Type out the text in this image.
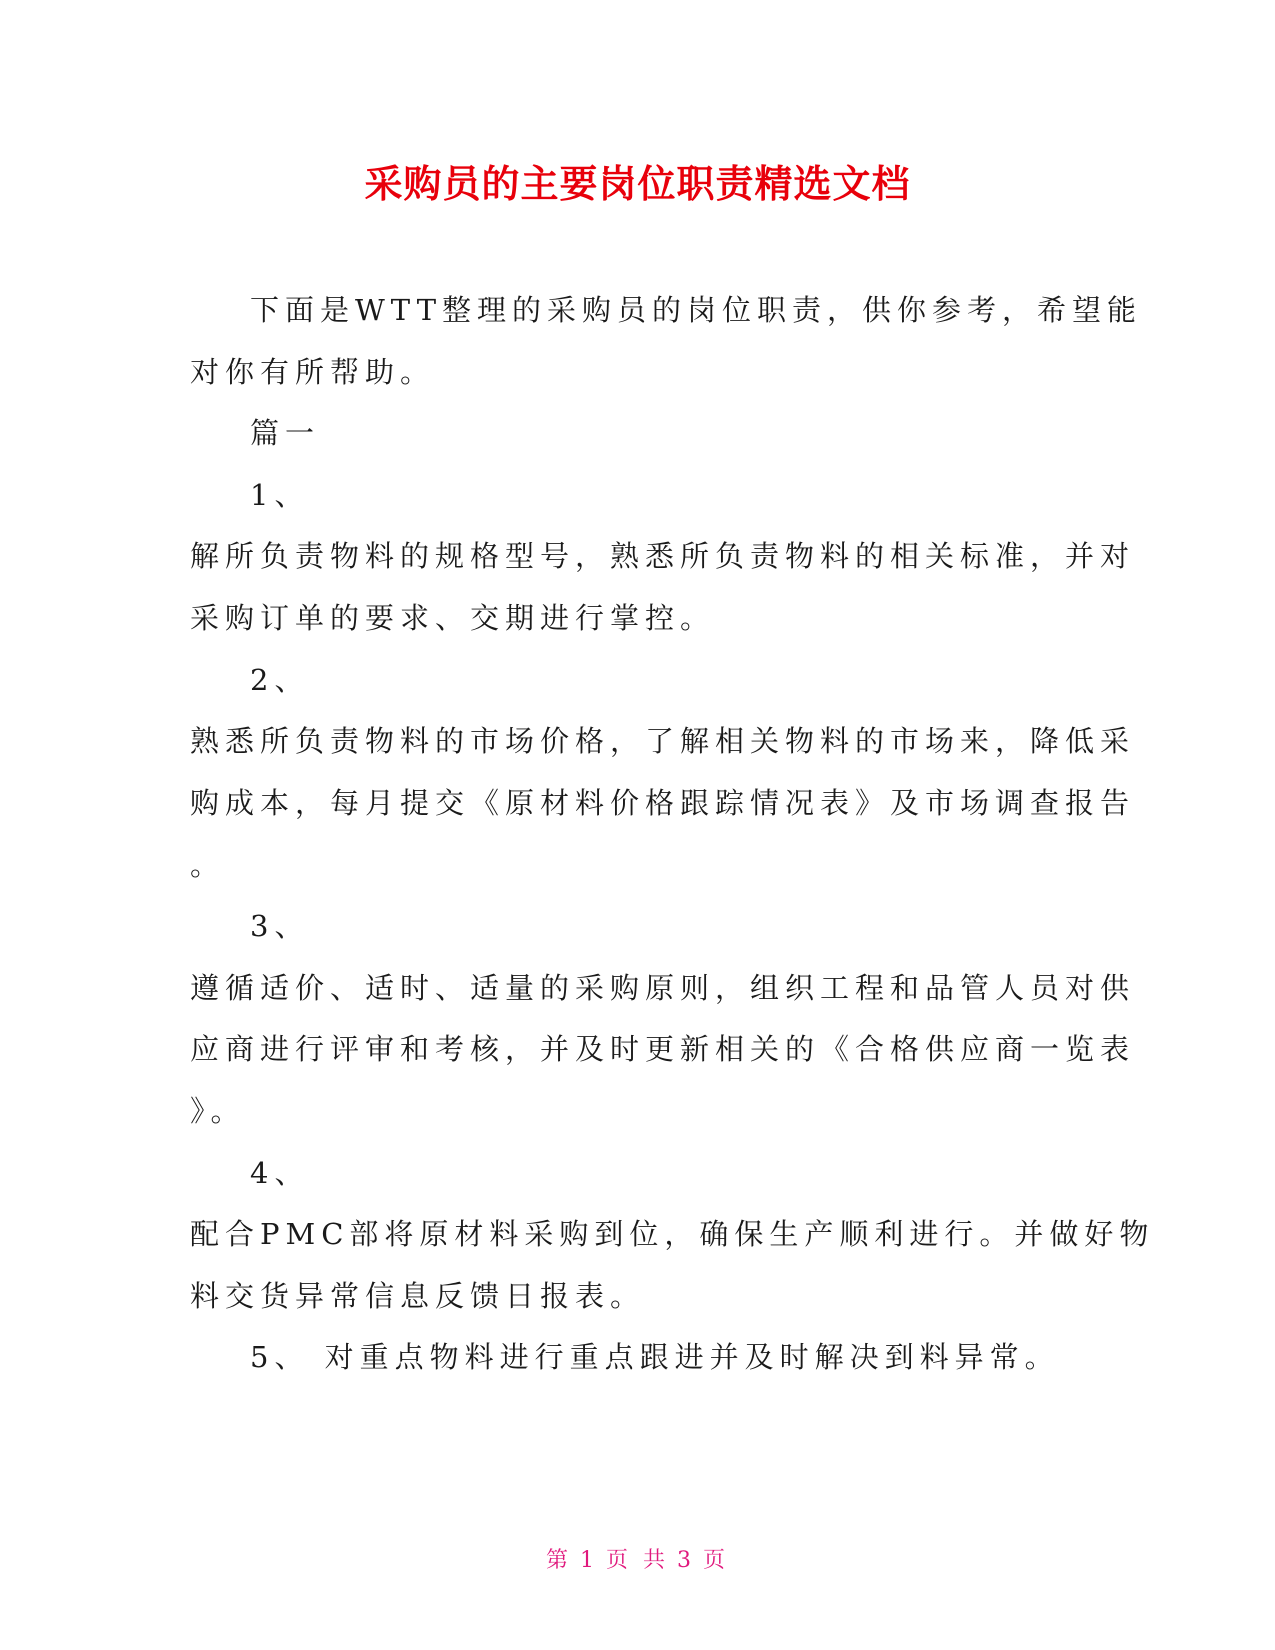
采购员的主要岗位职责精选文档
下面是WTT整理的采购员的岗位职责，供你参考，希望能
对你有所帮助。
篇一
1、
解所负责物料的规格型号，熟悉所负责物料的相关标准，并对
采购订单的要求、交期进行掌控。
2、
熟悉所负责物料的市场价格，了解相关物料的市场来，降低采
购成本，每月提交《原材料价格跟踪情况表》及市场调查报告
。
3、
遵循适价、适时、适量的采购原则，组织工程和品管人员对供
应商进行评审和考核，并及时更新相关的《合格供应商一览表
》。
4、
配合PMC部将原材料采购到位，确保生产顺利进行。并做好物
料交货异常信息反馈日报表。
5、 对重点物料进行重点跟进并及时解决到料异常。
第 1 页 共 3 页
